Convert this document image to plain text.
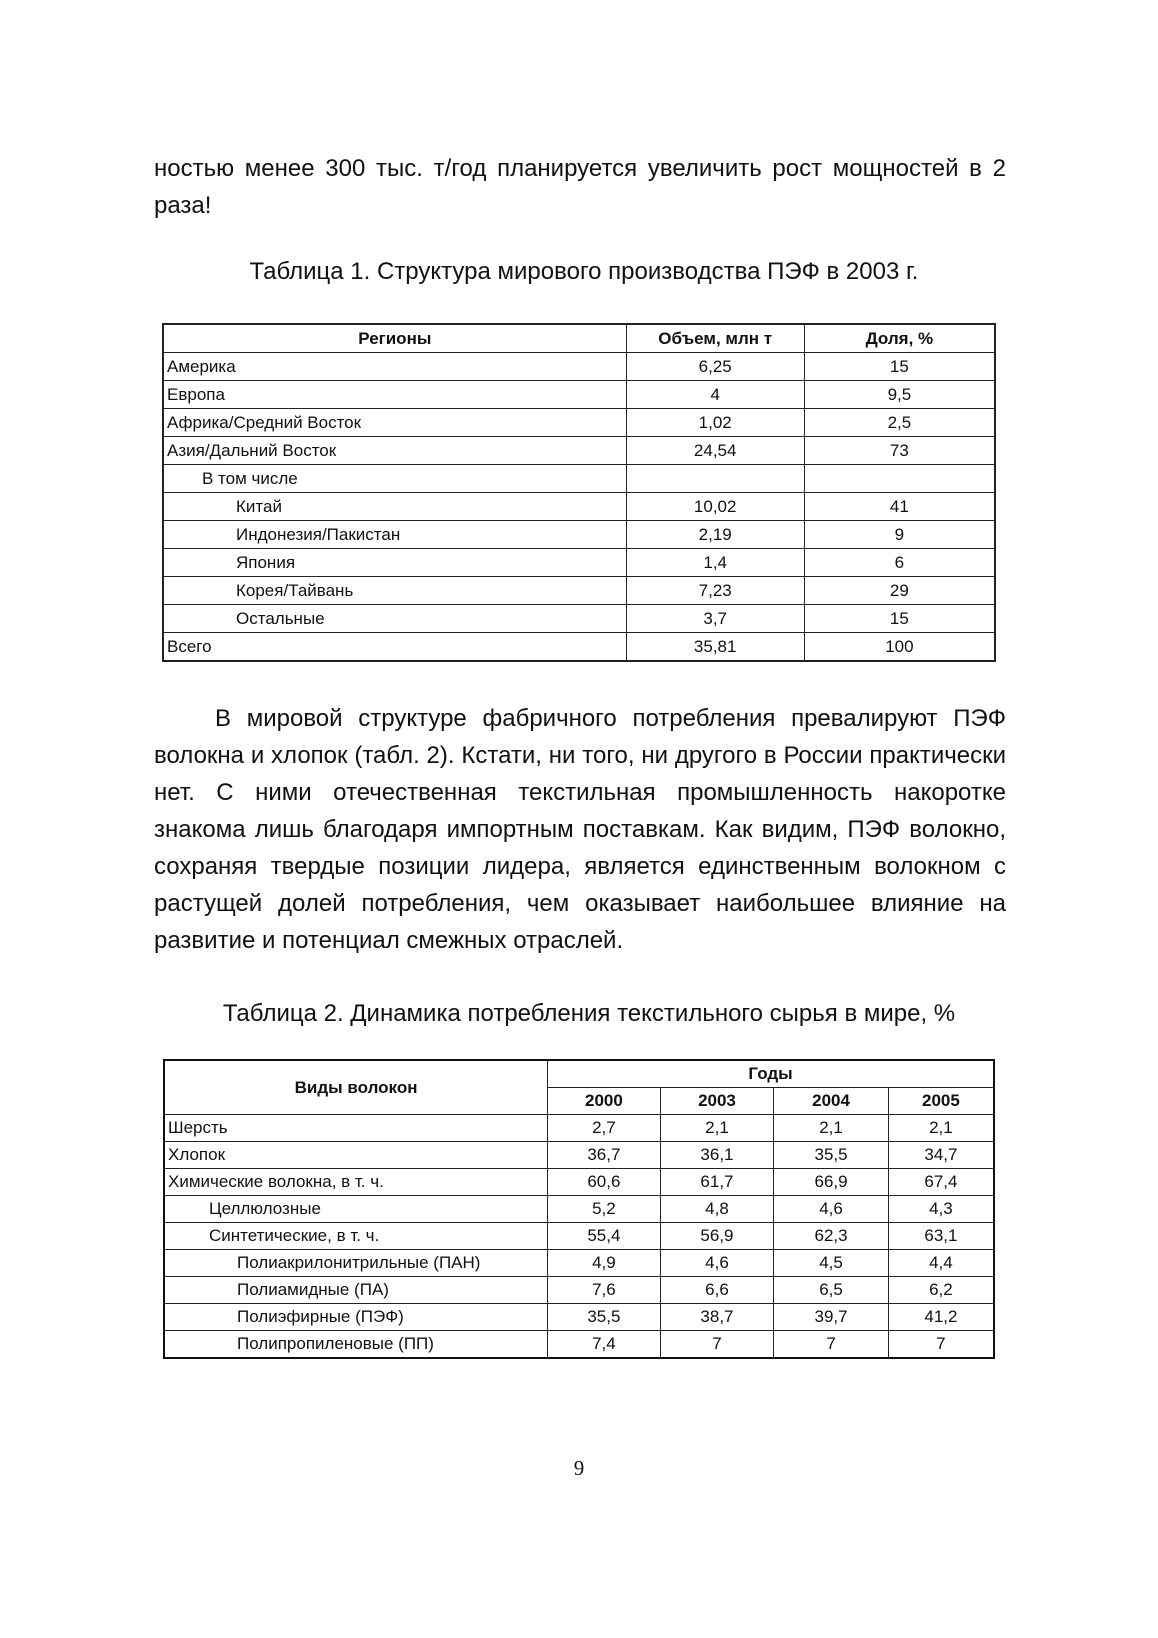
ностью менее 300 тыс. т/год планируется увеличить рост мощностей в 2 раза!

Таблица 1. Структура мирового производства ПЭФ в 2003 г.

Регионы	Объем, млн т	Доля, %
Америка	6,25	15
Европа	4	9,5
Африка/Средний Восток	1,02	2,5
Азия/Дальний Восток	24,54	73
В том числе		
Китай	10,02	41
Индонезия/Пакистан	2,19	9
Япония	1,4	6
Корея/Тайвань	7,23	29
Остальные	3,7	15
Всего	35,81	100

В мировой структуре фабричного потребления превалируют ПЭФ волокна и хлопок (табл. 2). Кстати, ни того, ни другого в России практически нет. С ними отечественная текстильная промышленность накоротке знакома лишь благодаря импортным поставкам. Как видим, ПЭФ волокно, сохраняя твердые позиции лидера, является единственным волокном с растущей долей потребления, чем оказывает наибольшее влияние на развитие и потенциал смежных отраслей.

Таблица 2. Динамика потребления текстильного сырья в мире, %

Виды волокон	Годы			
	2000	2003	2004	2005
Шерсть	2,7	2,1	2,1	2,1
Хлопок	36,7	36,1	35,5	34,7
Химические волокна, в т. ч.	60,6	61,7	66,9	67,4
Целлюлозные	5,2	4,8	4,6	4,3
Синтетические, в т. ч.	55,4	56,9	62,3	63,1
Полиакрилонитрильные (ПАН)	4,9	4,6	4,5	4,4
Полиамидные (ПА)	7,6	6,6	6,5	6,2
Полиэфирные (ПЭФ)	35,5	38,7	39,7	41,2
Полипропиленовые (ПП)	7,4	7	7	7
9
